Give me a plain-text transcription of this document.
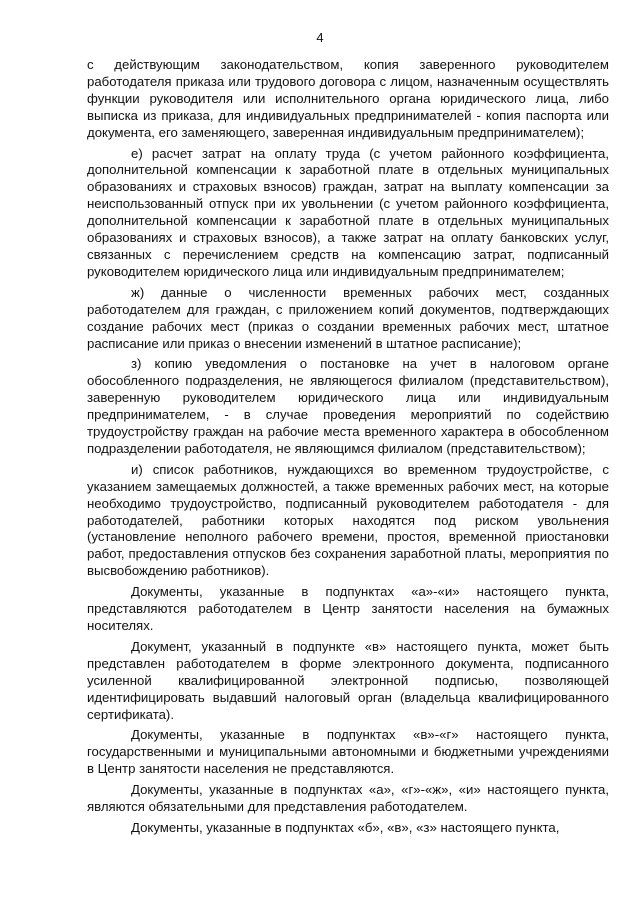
4

с действующим законодательством, копия заверенного руководителем работодателя приказа или трудового договора с лицом, назначенным осуществлять функции руководителя или исполнительного органа юридического лица, либо выписка из приказа, для индивидуальных предпринимателей - копия паспорта или документа, его заменяющего, заверенная индивидуальным предпринимателем);

е) расчет затрат на оплату труда (с учетом районного коэффициента, дополнительной компенсации к заработной плате в отдельных муниципальных образованиях и страховых взносов) граждан, затрат на выплату компенсации за неиспользованный отпуск при их увольнении (с учетом районного коэффициента, дополнительной компенсации к заработной плате в отдельных муниципальных образованиях и страховых взносов), а также затрат на оплату банковских услуг, связанных с перечислением средств на компенсацию затрат, подписанный руководителем юридического лица или индивидуальным предпринимателем;

ж) данные о численности временных рабочих мест, созданных работодателем для граждан, с приложением копий документов, подтверждающих создание рабочих мест (приказ о создании временных рабочих мест, штатное расписание или приказ о внесении изменений в штатное расписание);

з) копию уведомления о постановке на учет в налоговом органе обособленного подразделения, не являющегося филиалом (представительством), заверенную руководителем юридического лица или индивидуальным предпринимателем, - в случае проведения мероприятий по содействию трудоустройству граждан на рабочие места временного характера в обособленном подразделении работодателя, не являющимся филиалом (представительством);

и) список работников, нуждающихся во временном трудоустройстве, с указанием замещаемых должностей, а также временных рабочих мест, на которые необходимо трудоустройство, подписанный руководителем работодателя - для работодателей, работники которых находятся под риском увольнения (установление неполного рабочего времени, простоя, временной приостановки работ, предоставления отпусков без сохранения заработной платы, мероприятия по высвобождению работников).

Документы, указанные в подпунктах «а»-«и» настоящего пункта, представляются работодателем в Центр занятости населения на бумажных носителях.

Документ, указанный в подпункте «в» настоящего пункта, может быть представлен работодателем в форме электронного документа, подписанного усиленной квалифицированной электронной подписью, позволяющей идентифицировать выдавший налоговый орган (владельца квалифицированного сертификата).

Документы, указанные в подпунктах «в»-«г» настоящего пункта, государственными и муниципальными автономными и бюджетными учреждениями в Центр занятости населения не представляются.

Документы, указанные в подпунктах «а», «г»-«ж», «и» настоящего пункта, являются обязательными для представления работодателем.

Документы, указанные в подпунктах «б», «в», «з» настоящего пункта,
